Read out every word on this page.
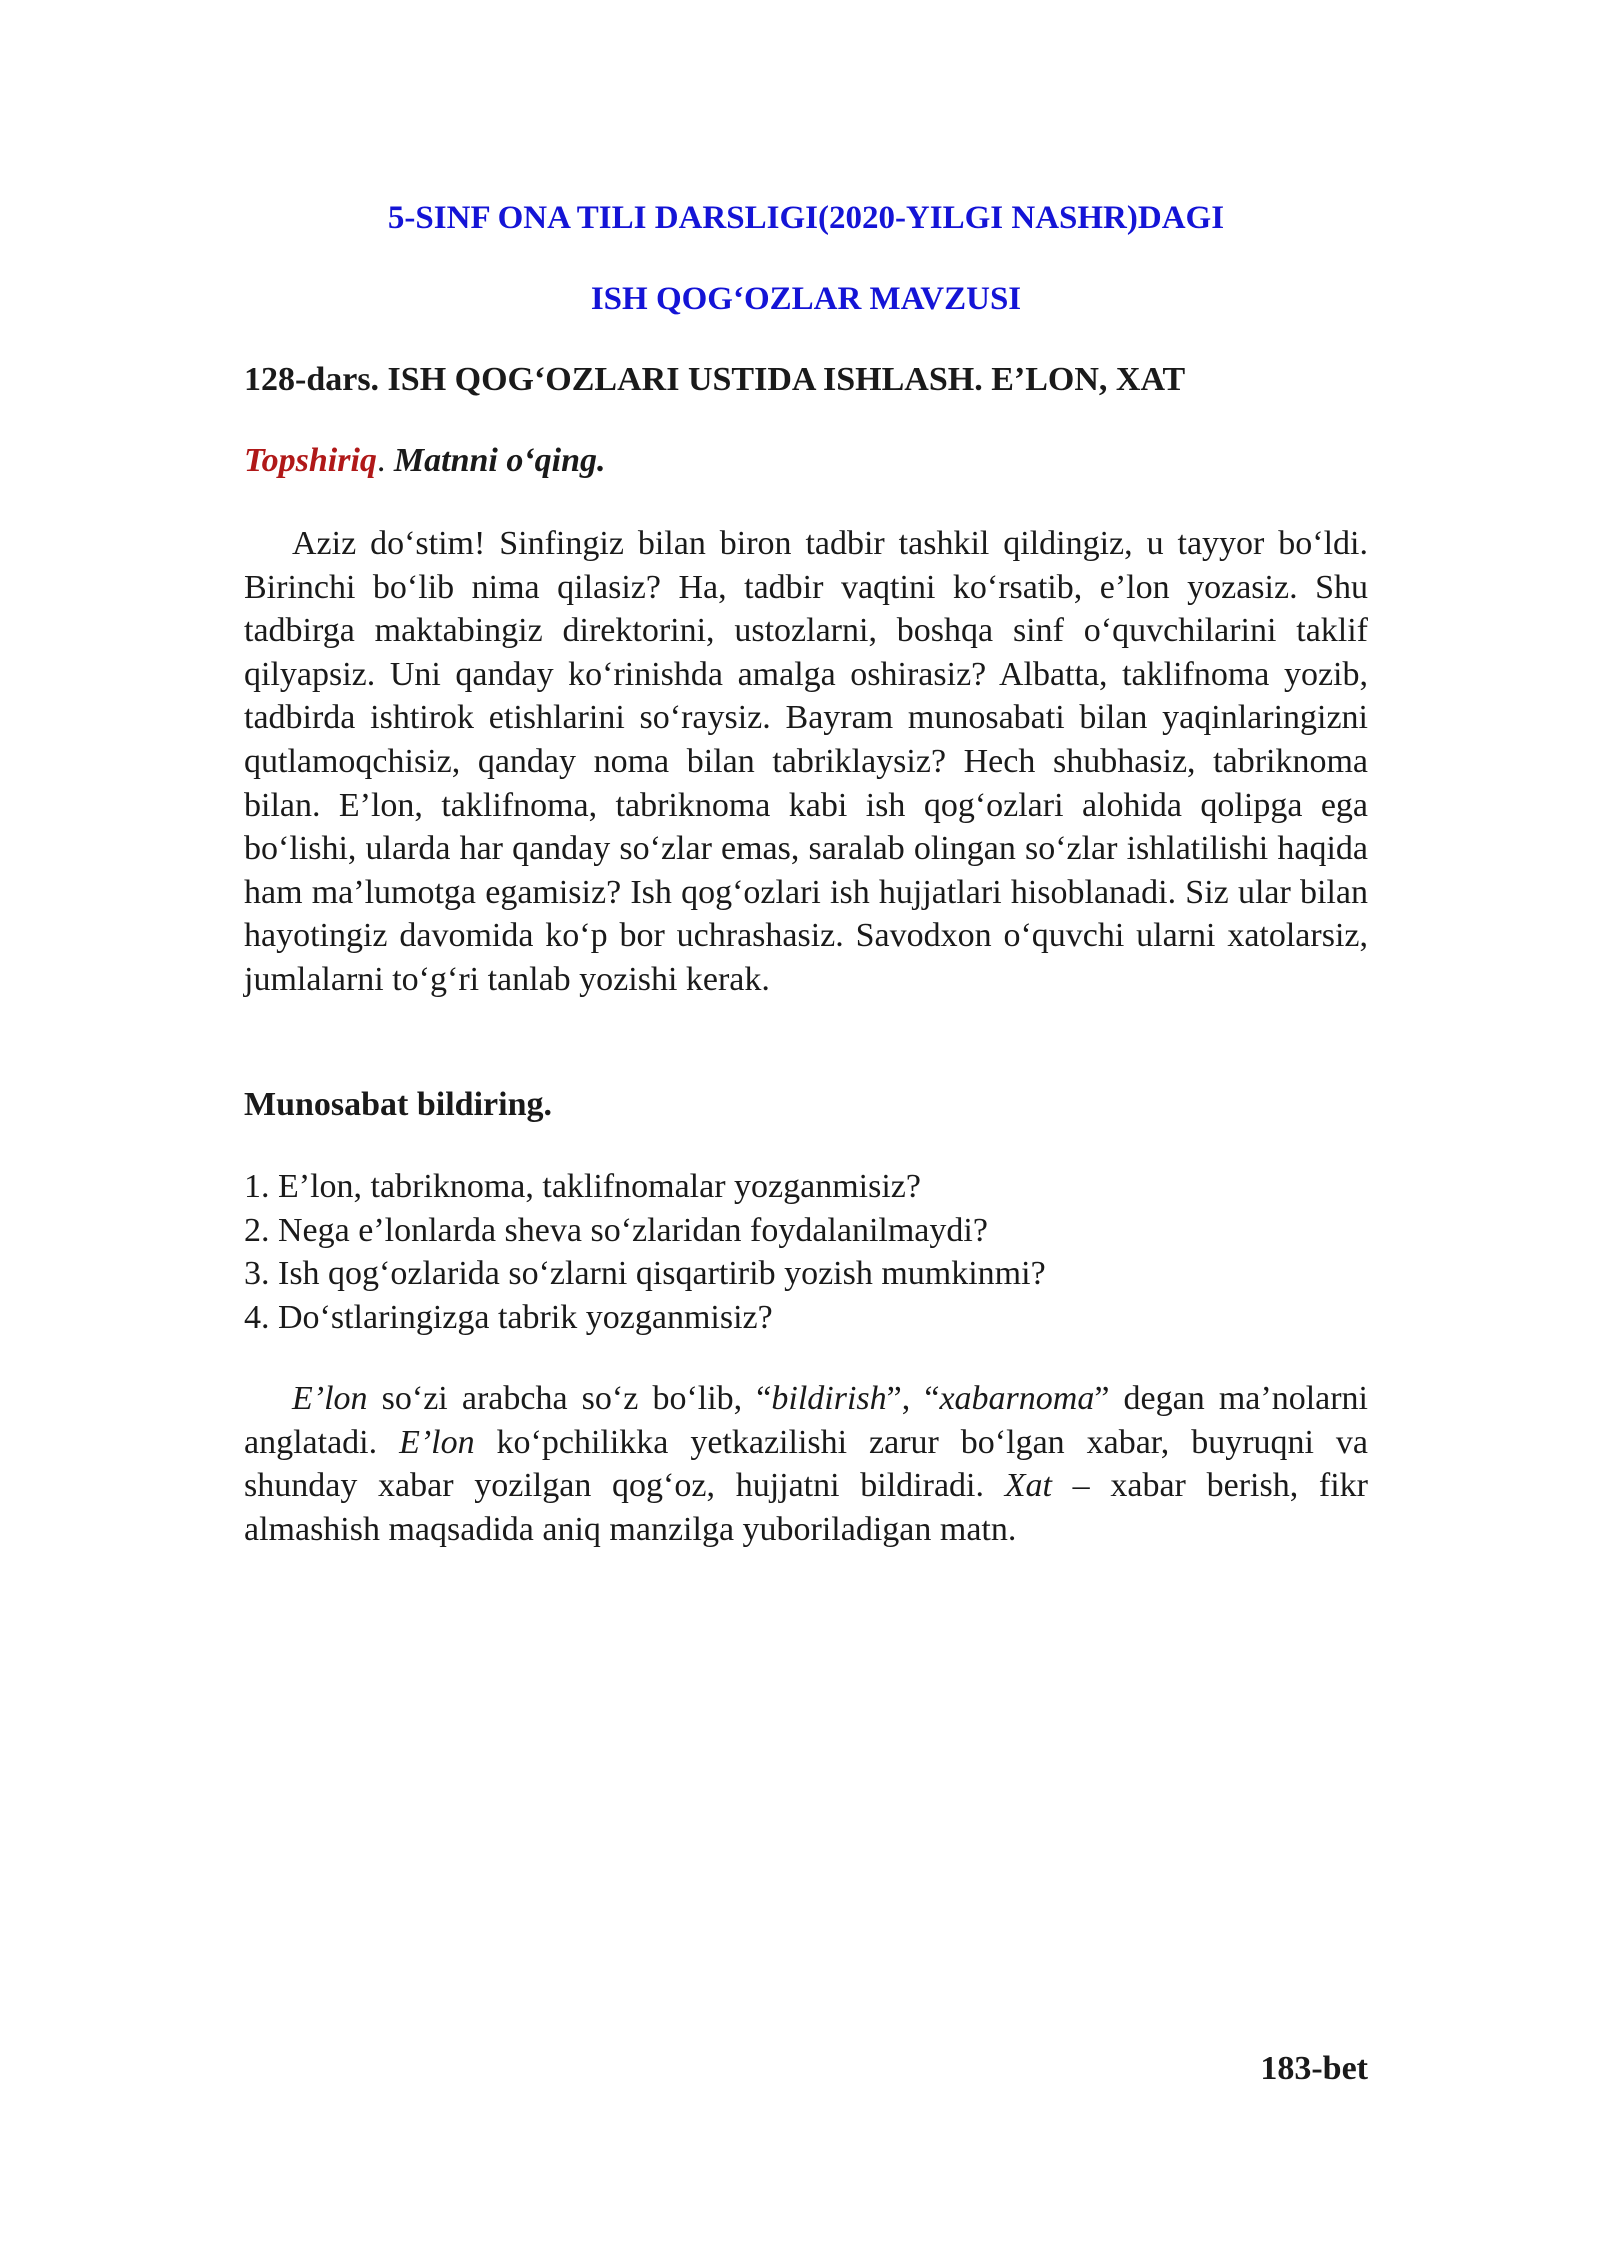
5-SINF ONA TILI DARSLIGI(2020-YILGI NASHR)DAGI
ISH QOG‘OZLAR MAVZUSI
128-dars. ISH QOG‘OZLARI USTIDA ISHLASH. E’LON, XAT
Topshiriq. Matnni o‘qing.

Aziz do‘stim! Sinfingiz bilan biron tadbir tashkil qildingiz, u tayyor bo‘ldi. Birinchi bo‘lib nima qilasiz? Ha, tadbir vaqtini ko‘rsatib, e’lon yozasiz. Shu tadbirga maktabingiz direktorini, ustozlarni, boshqa sinf o‘quvchilarini taklif qilyapsiz. Uni qanday ko‘rinishda amalga oshirasiz? Albatta, taklifnoma yozib, tadbirda ishtirok etishlarini so‘raysiz. Bayram munosabati bilan yaqinlaringizni qutlamoqchisiz, qanday noma bilan tabriklaysiz? Hech shubhasiz, tabriknoma bilan. E’lon, taklifnoma, tabriknoma kabi ish qog‘ozlari alohida qolipga ega bo‘lishi, ularda har qanday so‘zlar emas, saralab olingan so‘zlar ishlatilishi haqida ham ma’lumotga egamisiz? Ish qog‘ozlari ish hujjatlari hisoblanadi. Siz ular bilan hayotingiz davomida ko‘p bor uchrashasiz. Savodxon o‘quvchi ularni xatolarsiz, jumlalarni to‘g‘ri tanlab yozishi kerak.

Munosabat bildiring.
1. E’lon, tabriknoma, taklifnomalar yozganmisiz?
2. Nega e’lonlarda sheva so‘zlaridan foydalanilmaydi?
3. Ish qog‘ozlarida so‘zlarni qisqartirib yozish mumkinmi?
4. Do‘stlaringizga tabrik yozganmisiz?

E’lon so‘zi arabcha so‘z bo‘lib, “bildirish”, “xabarnoma” degan ma’nolarni anglatadi. E’lon ko‘pchilikka yetkazilishi zarur bo‘lgan xabar, buyruqni va shunday xabar yozilgan qog‘oz, hujjatni bildiradi. Xat – xabar berish, fikr almashish maqsadida aniq manzilga yuboriladigan matn.

183-bet
